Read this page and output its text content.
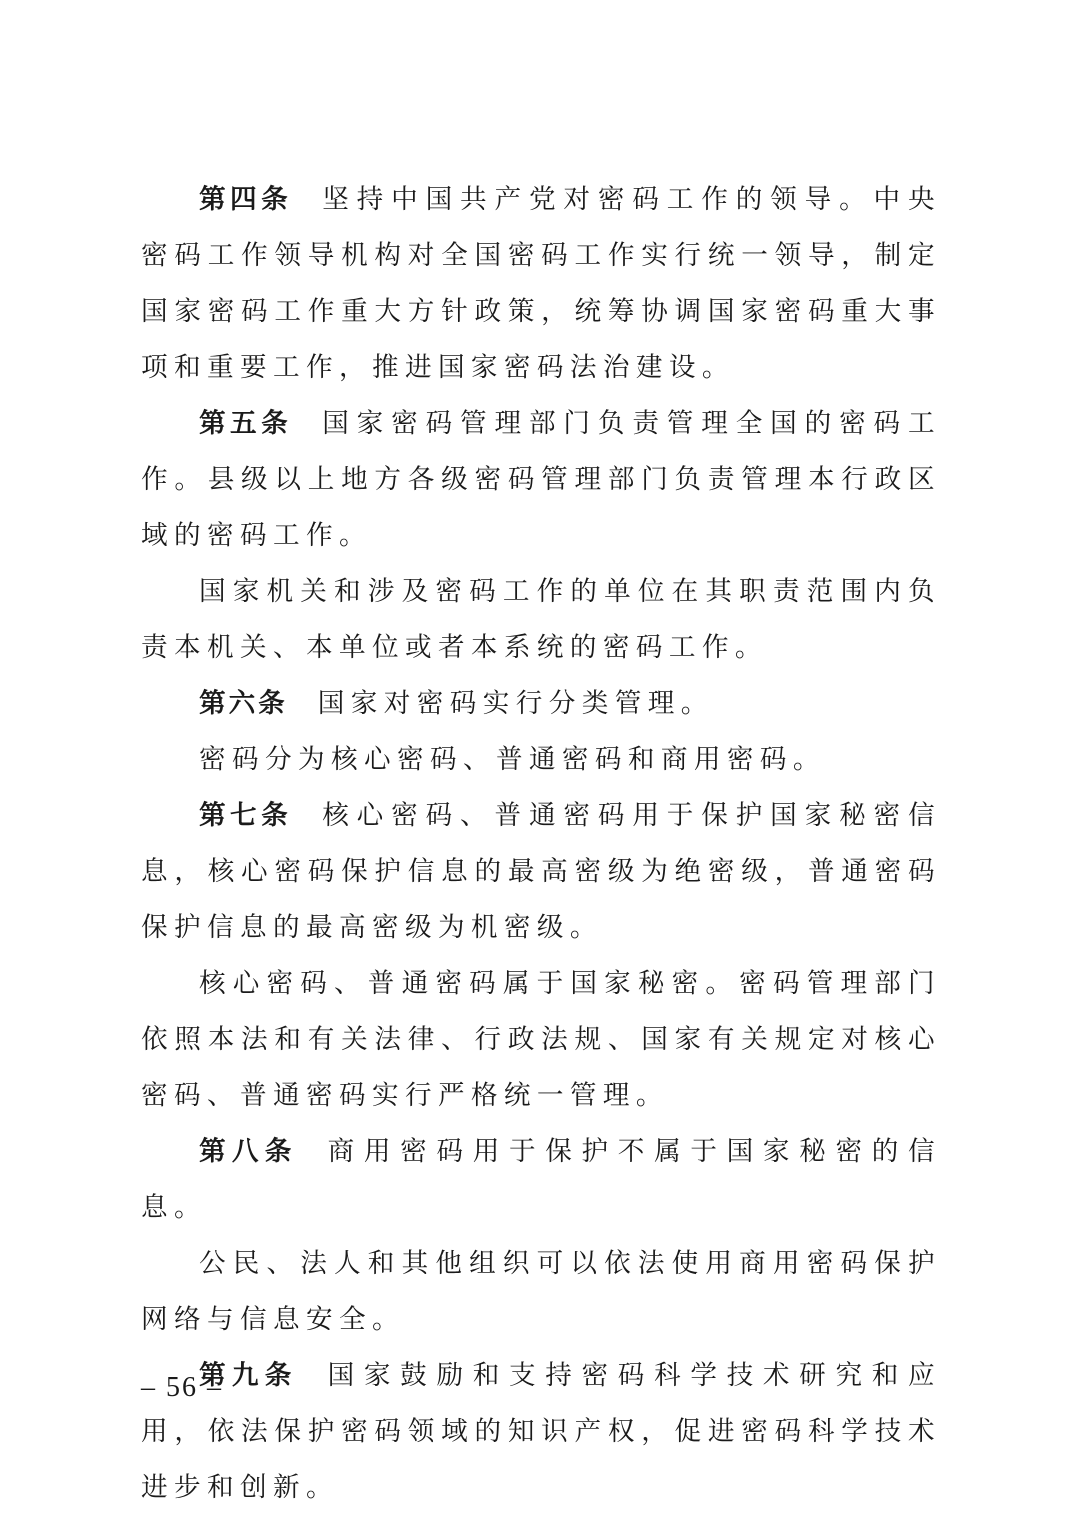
第四条 坚持中国共产党对密码工作的领导。中央密码工作领导机构对全国密码工作实行统一领导，制定国家密码工作重大方针政策，统筹协调国家密码重大事项和重要工作，推进国家密码法治建设。

第五条 国家密码管理部门负责管理全国的密码工作。县级以上地方各级密码管理部门负责管理本行政区域的密码工作。

国家机关和涉及密码工作的单位在其职责范围内负责本机关、本单位或者本系统的密码工作。

第六条 国家对密码实行分类管理。

密码分为核心密码、普通密码和商用密码。

第七条 核心密码、普通密码用于保护国家秘密信息，核心密码保护信息的最高密级为绝密级，普通密码保护信息的最高密级为机密级。

核心密码、普通密码属于国家秘密。密码管理部门依照本法和有关法律、行政法规、国家有关规定对核心密码、普通密码实行严格统一管理。

第八条 商用密码用于保护不属于国家秘密的信息。

公民、法人和其他组织可以依法使用商用密码保护网络与信息安全。

第九条 国家鼓励和支持密码科学技术研究和应用，依法保护密码领域的知识产权，促进密码科学技术进步和创新。

– 56 –
